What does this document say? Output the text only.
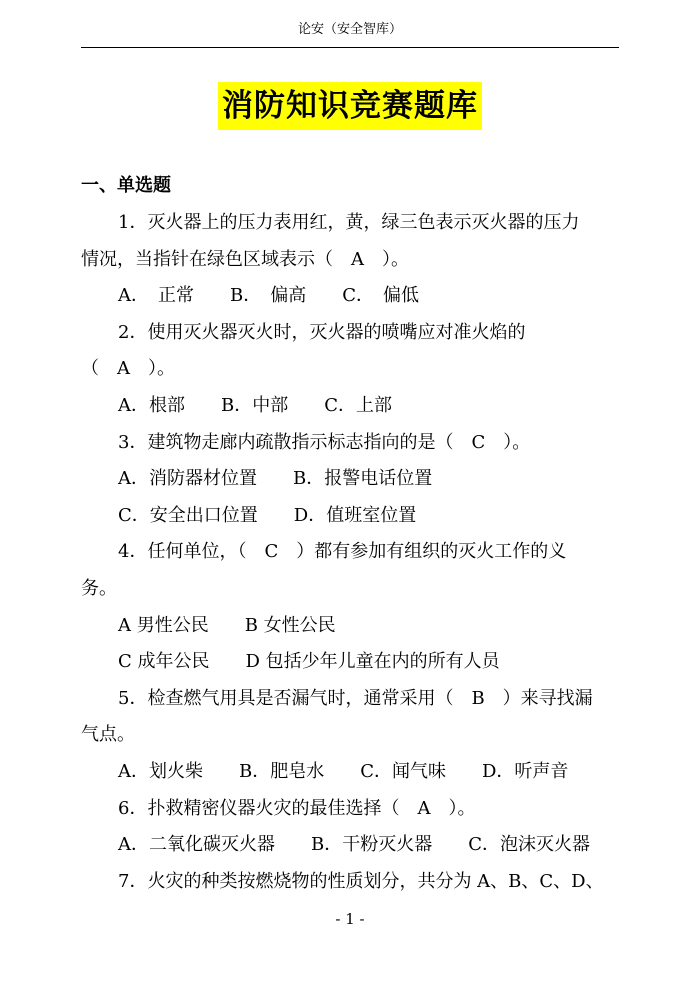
论安（安全智库）
消防知识竞赛题库
一、单选题
1．灭火器上的压力表用红，黄，绿三色表示灭火器的压力
情况，当指针在绿色区域表示（　A　）。
A．　正常　　B．　偏高　　C．　偏低
2．使用灭火器灭火时，灭火器的喷嘴应对准火焰的
（　A　）。
A．根部　　B．中部　　C．上部
3．建筑物走廊内疏散指示标志指向的是（　C　）。
A．消防器材位置　　B．报警电话位置
C．安全出口位置　　D．值班室位置
4．任何单位，（　C　）都有参加有组织的灭火工作的义
务。
A 男性公民　　B 女性公民
C 成年公民　　D 包括少年儿童在内的所有人员
5．检查燃气用具是否漏气时，通常采用（　B　）来寻找漏
气点。
A．划火柴　　B．肥皂水　　C．闻气味　　D．听声音
6．扑救精密仪器火灾的最佳选择（　A　）。
A．二氧化碳灭火器　　B．干粉灭火器　　C．泡沫灭火器
7．火灾的种类按燃烧物的性质划分，共分为 A、B、C、D、
- 1 -
